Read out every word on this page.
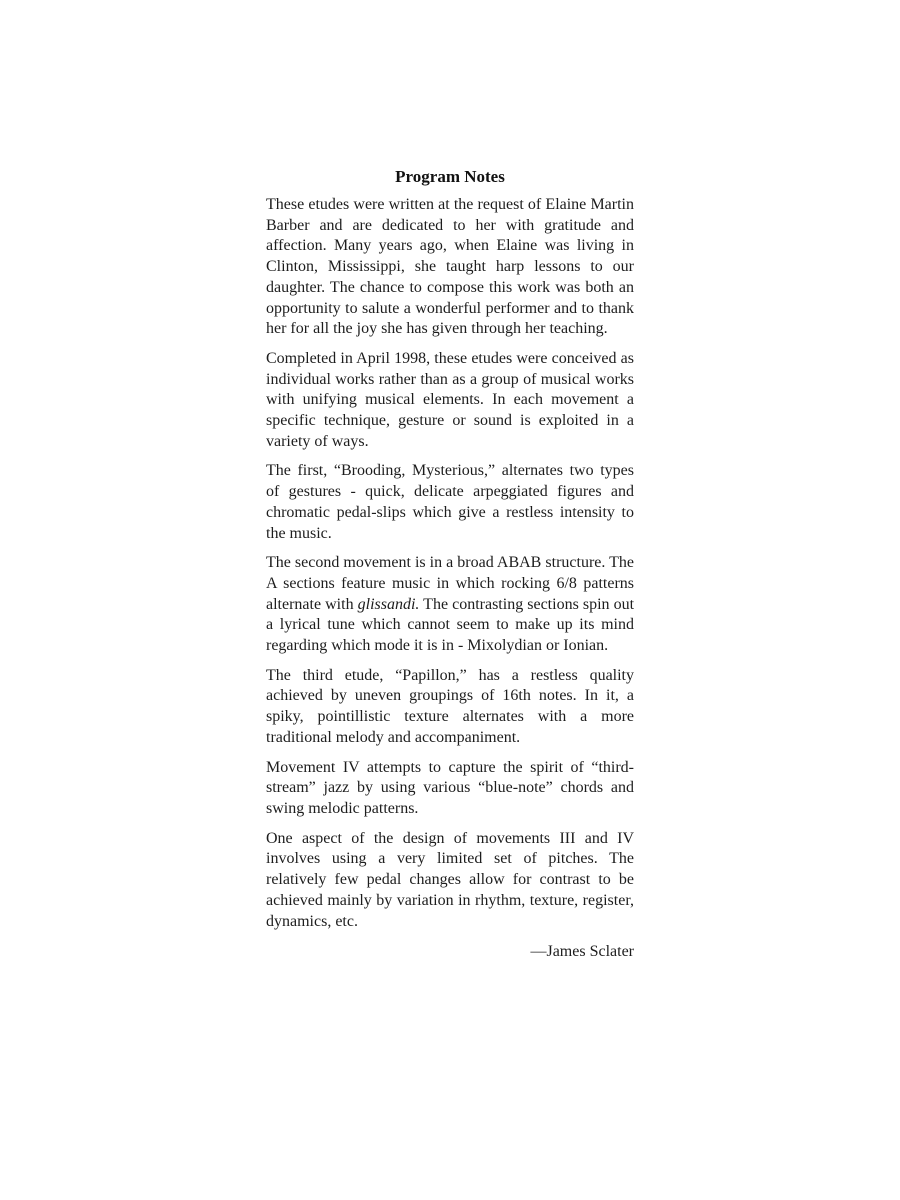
Program Notes

These etudes were written at the request of Elaine Martin Barber and are dedicated to her with gratitude and affection. Many years ago, when Elaine was living in Clinton, Mississippi, she taught harp lessons to our daughter. The chance to compose this work was both an opportunity to salute a wonderful performer and to thank her for all the joy she has given through her teaching.

Completed in April 1998, these etudes were conceived as individual works rather than as a group of musical works with unifying musical elements. In each movement a specific technique, gesture or sound is exploited in a variety of ways.

The first, “Brooding, Mysterious,” alternates two types of gestures - quick, delicate arpeggiated figures and chromatic pedal-slips which give a restless intensity to the music.

The second movement is in a broad ABAB structure. The A sections feature music in which rocking 6/8 patterns alternate with glissandi. The contrasting sections spin out a lyrical tune which cannot seem to make up its mind regarding which mode it is in - Mixolydian or Ionian.

The third etude, “Papillon,” has a restless quality achieved by uneven groupings of 16th notes. In it, a spiky, pointillistic texture alternates with a more traditional melody and accompaniment.

Movement IV attempts to capture the spirit of “third-stream” jazz by using various “blue-note” chords and swing melodic patterns.

One aspect of the design of movements III and IV involves using a very limited set of pitches. The relatively few pedal changes allow for contrast to be achieved mainly by variation in rhythm, texture, register, dynamics, etc.

—James Sclater
